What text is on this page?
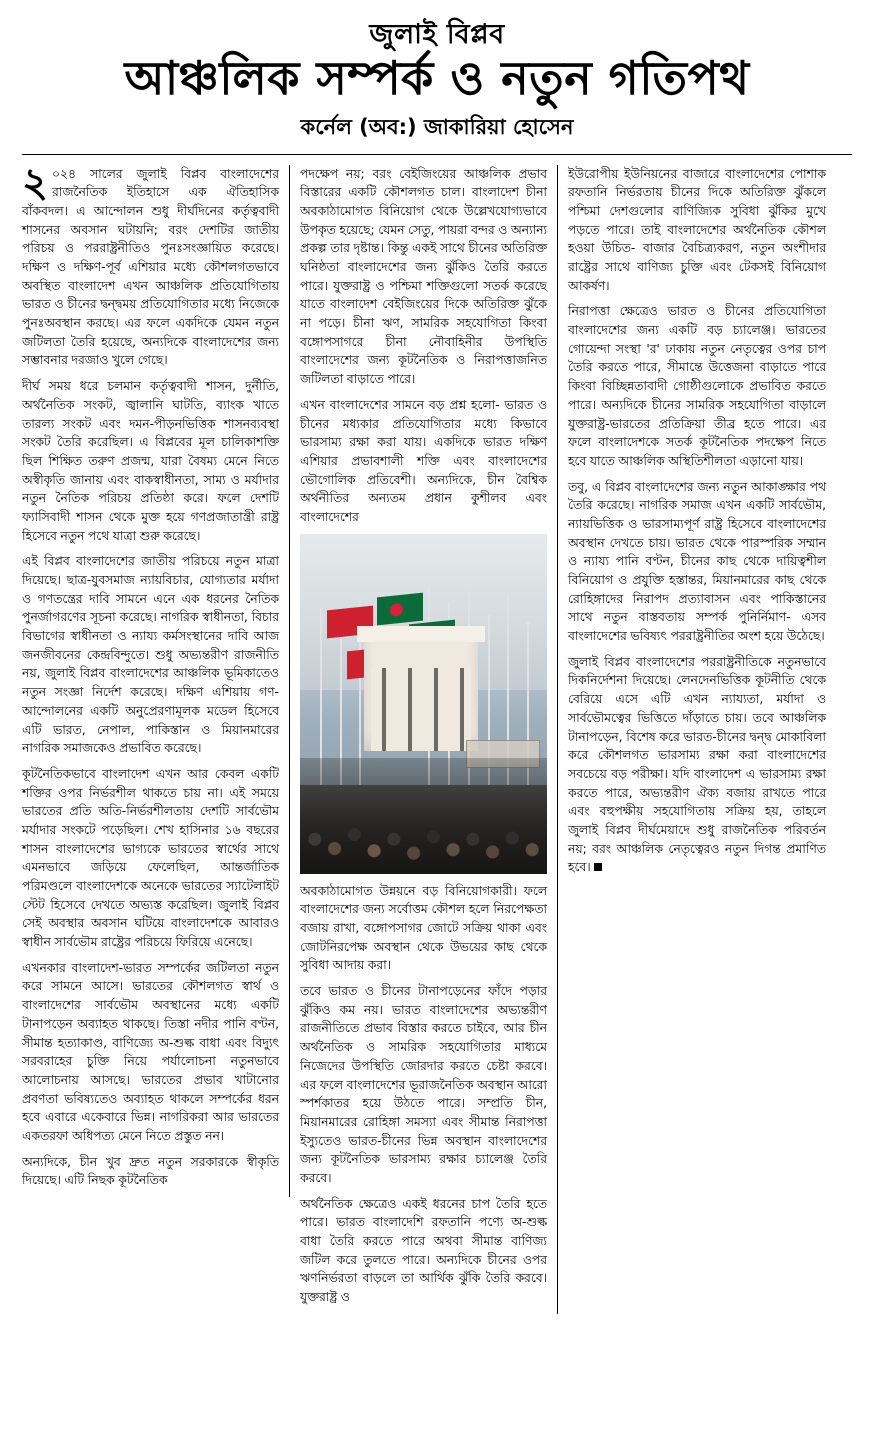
জুলাই বিপ্লব
আঞ্চলিক সম্পর্ক ও নতুন গতিপথ
কর্নেল (অব:) জাকারিয়া হোসেন

২ ০২৪ সালের জুলাই বিপ্লব বাংলাদেশের রাজনৈতিক ইতিহাসে এক ঐতিহাসিক বাঁকবদল। এ আন্দোলন শুধু দীর্ঘদিনের কর্তৃত্ববাদী শাসনের অবসান ঘটায়নি; বরং দেশটির জাতীয় পরিচয় ও পররাষ্ট্রনীতিও পুনঃসংজ্ঞায়িত করেছে। দক্ষিণ ও দক্ষিণ-পূর্ব এশিয়ার মধ্যে কৌশলগতভাবে অবস্থিত বাংলাদেশ এখন আঞ্চলিক প্রতিযোগিতায় ভারত ও চীনের দ্বন্দ্বময় প্রতিযোগিতার মধ্যে নিজেকে পুনঃঅবস্থান করছে। এর ফলে একদিকে যেমন নতুন জটিলতা তৈরি হয়েছে, অন্যদিকে বাংলাদেশের জন্য সম্ভাবনার দরজাও খুলে গেছে।

দীর্ঘ সময় ধরে চলমান কর্তৃত্ববাদী শাসন, দুর্নীতি, অর্থনৈতিক সংকট, জ্বালানি ঘাটতি, ব্যাংক খাতে তারল্য সংকট এবং দমন-পীড়নভিত্তিক শাসনব্যবস্থা সংকট তৈরি করেছিল। এ বিপ্লবের মূল চালিকাশক্তি ছিল শিক্ষিত তরুণ প্রজন্ম, যারা বৈষম্য মেনে নিতে অস্বীকৃতি জানায় এবং বাকস্বাধীনতা, সাম্য ও মর্যাদার নতুন নৈতিক পরিচয় প্রতিষ্ঠা করে। ফলে দেশটি ফ্যাসিবাদী শাসন থেকে মুক্ত হয়ে গণপ্রজাতান্ত্রী রাষ্ট্র হিসেবে নতুন পথে যাত্রা শুরু করেছে।

এই বিপ্লব বাংলাদেশের জাতীয় পরিচয়ে নতুন মাত্রা দিয়েছে। ছাত্র-যুবসমাজ ন্যায়বিচার, যোগ্যতার মর্যাদা ও গণতন্ত্রের দাবি সামনে এনে এক ধরনের নৈতিক পুনর্জাগরণের সূচনা করেছে। নাগরিক স্বাধীনতা, বিচার বিভাগের স্বাধীনতা ও ন্যায্য কর্মসংস্থানের দাবি আজ জনজীবনের কেন্দ্রবিন্দুতে। শুধু অভ্যন্তরীণ রাজনীতি নয়, জুলাই বিপ্লব বাংলাদেশের আঞ্চলিক ভূমিকাতেও নতুন সংজ্ঞা নির্দেশ করেছে। দক্ষিণ এশিয়ায় গণ-আন্দোলনের একটি অনুপ্রেরণামূলক মডেল হিসেবে এটি ভারত, নেপাল, পাকিস্তান ও মিয়ানমারের নাগরিক সমাজকেও প্রভাবিত করেছে।

কূটনৈতিকভাবে বাংলাদেশ এখন আর কেবল একটি শক্তির ওপর নির্ভরশীল থাকতে চায় না। এই সময়ে ভারতের প্রতি অতি-নির্ভরশীলতায় দেশটি সার্বভৌম মর্যাদার সংকটে পড়েছিল। শেখ হাসিনার ১৬ বছরের শাসন বাংলাদেশের ভাগ্যকে ভারতের স্বার্থের সাথে এমনভাবে জড়িয়ে ফেলেছিল, আন্তর্জাতিক পরিমণ্ডলে বাংলাদেশকে অনেকে ভারতের স্যাটেলাইট স্টেট হিসেবে দেখতে অভ্যস্ত করেছিল। জুলাই বিপ্লব সেই অবস্থার অবসান ঘটিয়ে বাংলাদেশকে আবারও স্বাধীন সার্বভৌম রাষ্ট্রের পরিচয়ে ফিরিয়ে এনেছে।

এখনকার বাংলাদেশ-ভারত সম্পর্কের জটিলতা নতুন করে সামনে আসে। ভারতের কৌশলগত স্বার্থ ও বাংলাদেশের সার্বভৌম অবস্থানের মধ্যে একটি টানাপড়েন অব্যাহত থাকছে। তিস্তা নদীর পানি বণ্টন, সীমান্ত হত্যাকাণ্ড, বাণিজ্যে অ-শুল্ক বাধা এবং বিদ্যুৎ সরবরাহের চুক্তি নিয়ে পর্যালোচনা নতুনভাবে আলোচনায় আসছে। ভারতের প্রভাব খাটানোর প্রবণতা ভবিষ্যতেও অব্যাহত থাকলে সম্পর্কের ধরন হবে এবারে একেবারে ভিন্ন। নাগরিকরা আর ভারতের একতরফা অধিপত্য মেনে নিতে প্রস্তুত নন।

অন্যদিকে, চীন খুব দ্রুত নতুন সরকারকে স্বীকৃতি দিয়েছে। এটি নিছক কূটনৈতিক

পদক্ষেপ নয়; বরং বেইজিংয়ের আঞ্চলিক প্রভাব বিস্তারের একটি কৌশলগত চাল। বাংলাদেশ চীনা অবকাঠামোগত বিনিয়োগ থেকে উল্লেখযোগ্যভাবে উপকৃত হয়েছে; যেমন সেতু, পায়রা বন্দর ও অন্যান্য প্রকল্প তার দৃষ্টান্ত। কিন্তু একই সাথে চীনের অতিরিক্ত ঘনিষ্ঠতা বাংলাদেশের জন্য ঝুঁকিও তৈরি করতে পারে। যুক্তরাষ্ট্র ও পশ্চিমা শক্তিগুলো সতর্ক করেছে যাতে বাংলাদেশ বেইজিংয়ের দিকে অতিরিক্ত ঝুঁকে না পড়ে। চীনা ঋণ, সামরিক সহযোগিতা কিংবা বঙ্গোপসাগরে চীনা নৌবাহিনীর উপস্থিতি বাংলাদেশের জন্য কূটনৈতিক ও নিরাপত্তাজনিত জটিলতা বাড়াতে পারে।

এখন বাংলাদেশের সামনে বড় প্রশ্ন হলো- ভারত ও চীনের মধ্যকার প্রতিযোগিতার মধ্যে কিভাবে ভারসাম্য রক্ষা করা যায়। একদিকে ভারত দক্ষিণ এশিয়ার প্রভাবশালী শক্তি এবং বাংলাদেশের ভৌগোলিক প্রতিবেশী। অন্যদিকে, চীন বৈশ্বিক অর্থনীতির অন্যতম প্রধান কুশীলব এবং বাংলাদেশের

অবকাঠামোগত উন্নয়নে বড় বিনিয়োগকারী। ফলে বাংলাদেশের জন্য সর্বোত্তম কৌশল হলে নিরপেক্ষতা বজায় রাখা, বঙ্গোপসাগর জোটে সক্রিয় থাকা এবং জোটনিরপেক্ষ অবস্থান থেকে উভয়ের কাছ থেকে সুবিধা আদায় করা।

তবে ভারত ও চীনের টানাপড়েনের ফাঁদে পড়ার ঝুঁকিও কম নয়। ভারত বাংলাদেশের অভ্যন্তরীণ রাজনীতিতে প্রভাব বিস্তার করতে চাইবে, আর চীন অর্থনৈতিক ও সামরিক সহযোগিতার মাধ্যমে নিজেদের উপস্থিতি জোরদার করতে চেষ্টা করবে। এর ফলে বাংলাদেশের ভূরাজনৈতিক অবস্থান আরো স্পর্শকাতর হয়ে উঠতে পারে। সম্প্রতি চীন, মিয়ানমারের রোহিঙ্গা সমস্যা এবং সীমান্ত নিরাপত্তা ইস্যুতেও ভারত-চীনের ভিন্ন অবস্থান বাংলাদেশের জন্য কূটনৈতিক ভারসাম্য রক্ষার চ্যালেঞ্জ তৈরি করবে।

অর্থনৈতিক ক্ষেত্রেও একই ধরনের চাপ তৈরি হতে পারে। ভারত বাংলাদেশি রফতানি পণ্যে অ-শুল্ক বাধা তৈরি করতে পারে অথবা সীমান্ত বাণিজ্য জটিল করে তুলতে পারে। অন্যদিকে চীনের ওপর ঋণনির্ভরতা বাড়লে তা আর্থিক ঝুঁকি তৈরি করবে। যুক্তরাষ্ট্র ও

ইউরোপীয় ইউনিয়নের বাজারে বাংলাদেশের পোশাক রফতানি নির্ভরতায় চীনের দিকে অতিরিক্ত ঝুঁকলে পশ্চিমা দেশগুলোর বাণিজ্যিক সুবিধা ঝুঁকির মুখে পড়তে পারে। তাই বাংলাদেশের অর্থনৈতিক কৌশল হওয়া উচিত- বাজার বৈচিত্র্যকরণ, নতুন অংশীদার রাষ্ট্রের সাথে বাণিজ্য চুক্তি এবং টেকসই বিনিয়োগ আকর্ষণ।

নিরাপত্তা ক্ষেত্রেও ভারত ও চীনের প্রতিযোগিতা বাংলাদেশের জন্য একটি বড় চ্যালেঞ্জ। ভারতের গোয়েন্দা সংস্থা 'র' ঢাকায় নতুন নেতৃত্বের ওপর চাপ তৈরি করতে পারে, সীমান্তে উত্তেজনা বাড়াতে পারে কিংবা বিচ্ছিন্নতাবাদী গোষ্ঠীগুলোকে প্রভাবিত করতে পারে। অন্যদিকে চীনের সামরিক সহযোগিতা বাড়ালে যুক্তরাষ্ট্র-ভারতের প্রতিক্রিয়া তীব্র হতে পারে। এর ফলে বাংলাদেশকে সতর্ক কূটনৈতিক পদক্ষেপ নিতে হবে যাতে আঞ্চলিক অস্থিতিশীলতা এড়ানো যায়।

তবু, এ বিপ্লব বাংলাদেশের জন্য নতুন আকাঙ্ক্ষার পথ তৈরি করেছে। নাগরিক সমাজ এখন একটি সার্বভৌম, ন্যায়ভিত্তিক ও ভারসাম্যপূর্ণ রাষ্ট্র হিসেবে বাংলাদেশের অবস্থান দেখতে চায়। ভারত থেকে পারস্পরিক সম্মান ও ন্যায্য পানি বণ্টন, চীনের কাছ থেকে দায়িত্বশীল বিনিয়োগ ও প্রযুক্তি হস্তান্তর, মিয়ানমারের কাছ থেকে রোহিঙ্গাদের নিরাপদ প্রত্যাবাসন এবং পাকিস্তানের সাথে নতুন বাস্তবতায় সম্পর্ক পুনির্নিমাণ- এসব বাংলাদেশের ভবিষ্যৎ পররাষ্ট্রনীতির অংশ হয়ে উঠেছে।

জুলাই বিপ্লব বাংলাদেশের পররাষ্ট্রনীতিকে নতুনভাবে দিকনির্দেশনা দিয়েছে। লেনদেনভিত্তিক কূটনীতি থেকে বেরিয়ে এসে এটি এখন ন্যায্যতা, মর্যাদা ও সার্বভৌমত্বের ভিত্তিতে দাঁড়াতে চায়। তবে আঞ্চলিক টানাপড়েন, বিশেষ করে ভারত-চীনের দ্বন্দ্ব মোকাবিলা করে কৌশলগত ভারসাম্য রক্ষা করা বাংলাদেশের সবচেয়ে বড় পরীক্ষা। যদি বাংলাদেশ এ ভারসাম্য রক্ষা করতে পারে, অভ্যন্তরীণ ঐক্য বজায় রাখতে পারে এবং বহুপক্ষীয় সহযোগিতায় সক্রিয় হয়, তাহলে জুলাই বিপ্লব দীর্ঘমেয়াদে শুধু রাজনৈতিক পরিবর্তন নয়; বরং আঞ্চলিক নেতৃত্বেরও নতুন দিগন্ত প্রমাণিত হবে।
